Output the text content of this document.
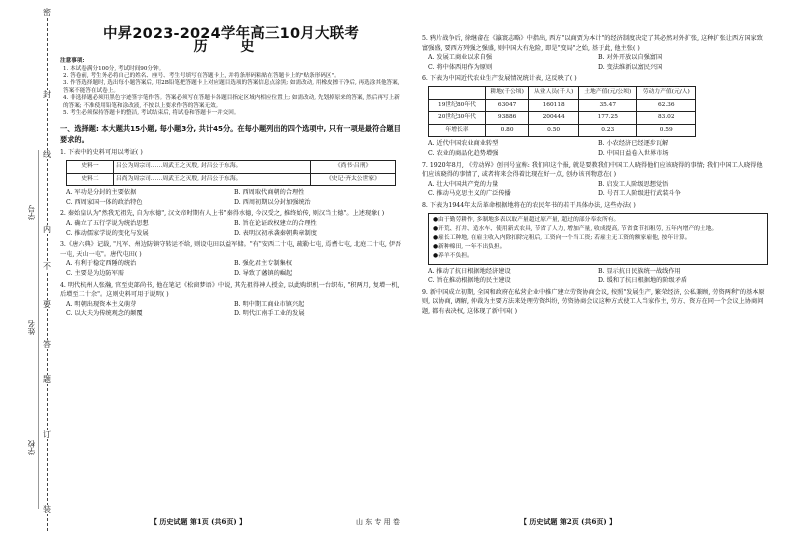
密
封
线
内
不
要
答
题
订
装
学校
姓名
学号
中昇2023-2024学年高三10月大联考
历 史
注意事项:
1. 本试卷满分100分, 考试时间90分钟。
2. 答卷前, 考生务必将自己的姓名、座号、考生号填写在答题卡上, 并将条形码粘贴在答题卡上的"贴条形码区"。
3. 作答选择题时, 选出每小题答案后, 用2B铅笔把答题卡上对应题目选项的答案信息点涂黑; 如需改动, 用橡皮擦干净后, 再选涂其他答案, 答案不能答在试卷上。
4. 非选择题必须用黑色字迹签字笔作答。答案必须写在答题卡各题目指定区域内相应位置上; 如需改动, 先划掉原来的答案, 然后再写上新的答案; 不准使用铅笔和涂改液, 不按以上要求作答的答案无效。
5. 考生必须保持答题卡的整洁, 考试结束后, 将试卷和答题卡一并交回。
一、选择题: 本大题共15小题, 每小题3分, 共计45分。在每小题列出的四个选项中, 只有一项是最符合题目要求的。

1. 下表中的史料可用以考证( )

史料一	吕公为周宗司……周武王之灭殷, 封吕公于东海。	《尚书·吕刑》
史料二	吕尚为周宗司……周武王之灭殷, 封吕公于东海。	《史记·齐太公世家》
A. 军功是分封的主要依据	B. 西周取代商朝的合理性
C. 西周家国一体的政治特色	D. 西周初期以分封加强统治

2. 秦始皇认为"然我无祖先, 自为水德", 汉文帝时期有人上书"秦得水德, 今汉受之, 推终始传, 则汉当土德"。上述现象( )

A. 确立了五行学说为统治思想	B. 旨在论证政权建立的合理性
C. 推动儒家学说的变化与发展	D. 表明汉初承袭秦朝典章制度

3.《唐六典》记载, "凡军、州边防镇守转运不给, 则设屯田以益军储。"有"安西二十屯, 疏勒七屯, 焉耆七屯, 北庭二十屯, 伊吾一屯, 天山一屯"。唐代屯田( )

A. 有利于稳定西陲的统治	B. 强化君主专制集权
C. 主要是为边防军需	D. 导致了藩镇的崛起

4. 明代杭州人张瀚, 官至吏部尚书, 他在笔记《松窗梦语》中说, 其先祖得神人授金, 以此购织机一台织布, "积两月, 复增一机, 后增至二十余"。这则史料可用于说明( )

A. 明朝出现资本主义萌芽	B. 明中期工商业市镇兴起
C. 以大夫为传统观念的颠覆	D. 明代江南手工业的发展

5. 鸦片战争后, 徐继畬在《瀛寰志略》中指出, 西方"以商贾为本计"的经济制度决定了其必然对外扩张, 这种扩张让西方国家致富强盛, 要西方列强之强盛, 则中国大有危险, 即是"变局"之始, 基于此, 他主张( )

A. 发展工商业以求自强	B. 对外开放以自强富国
C. 将中体西用作为原则	D. 变法维新以富民兴国

6. 下表为中国近代农业生产发展情况统计表, 这反映了( )

	耕地(千公顷)	从业人员(千人)	土地产值(元/公顷)	劳动力产值(元/人)
19世纪80年代	63047	160118	35.47	62.36
20世纪30年代	93886	200444	177.25	83.02
年增长率	0.80	0.50	0.23	0.59
A. 近代中国农业商业转型	B. 小农经济已经逐步瓦解
C. 农业的商品化趋势增强	D. 中国日益卷入世界市场

7. 1920年8月, 《劳动界》创刊号宣称: 我们印这个报, 就是要教我们中国工人晓得他们应该晓得的事情; 我们中国工人晓得他们应该晓得的事情了, 或者将来会得着比现在好一点, 创办该刊物意在( )

A. 壮大中国共产党的力量	B. 启发工人阶级思想觉悟
C. 推动马克思主义的广泛传播	D. 号召工人阶级进行武装斗争

8. 下表为1944年太岳革命根据地将在的农民年书的若干具体办法, 这些办法( )

●由于勤劳耕作, 多制地多表以取产量超过原产量, 超过的部分奉农所有。
●开荒、打井、造水车、使用新式农具, 节省了人力, 增加产量, 收成提高, 节省食节扣租劳, 五年内增产的土地。
●雇长工种地, 在雇主收入内除扣除完租后, 工资向一个当工资; 若雇主无工资的额家雇他, 按年计算。
●新种棉田, 一年不出负担。
●养羊不负担。
A. 推动了抗日根据地经济建设	B. 显示抗日民族统一战线作用
C. 旨在推动根据地的民主建设	D. 缓和了抗日根据地的阶级矛盾

9. 新中国成立初期, 全国和政府在私营企业中推广建立劳资协商会议, 按照"发展生产, 繁荣经济, 公私兼顾, 劳资两利"的基本原则, 以协商, 调解, 仲裁为主要方法来处理劳资纠纷, 劳资协商会议这种方式使工人当家作主, 劳方、资方在同一个会议上协商问题, 都有表决权, 这体现了新中国( )

【 历史试题 第1页 (共6页) 】	山 东 专 用 卷	【 历史试题 第2页 (共6页) 】
